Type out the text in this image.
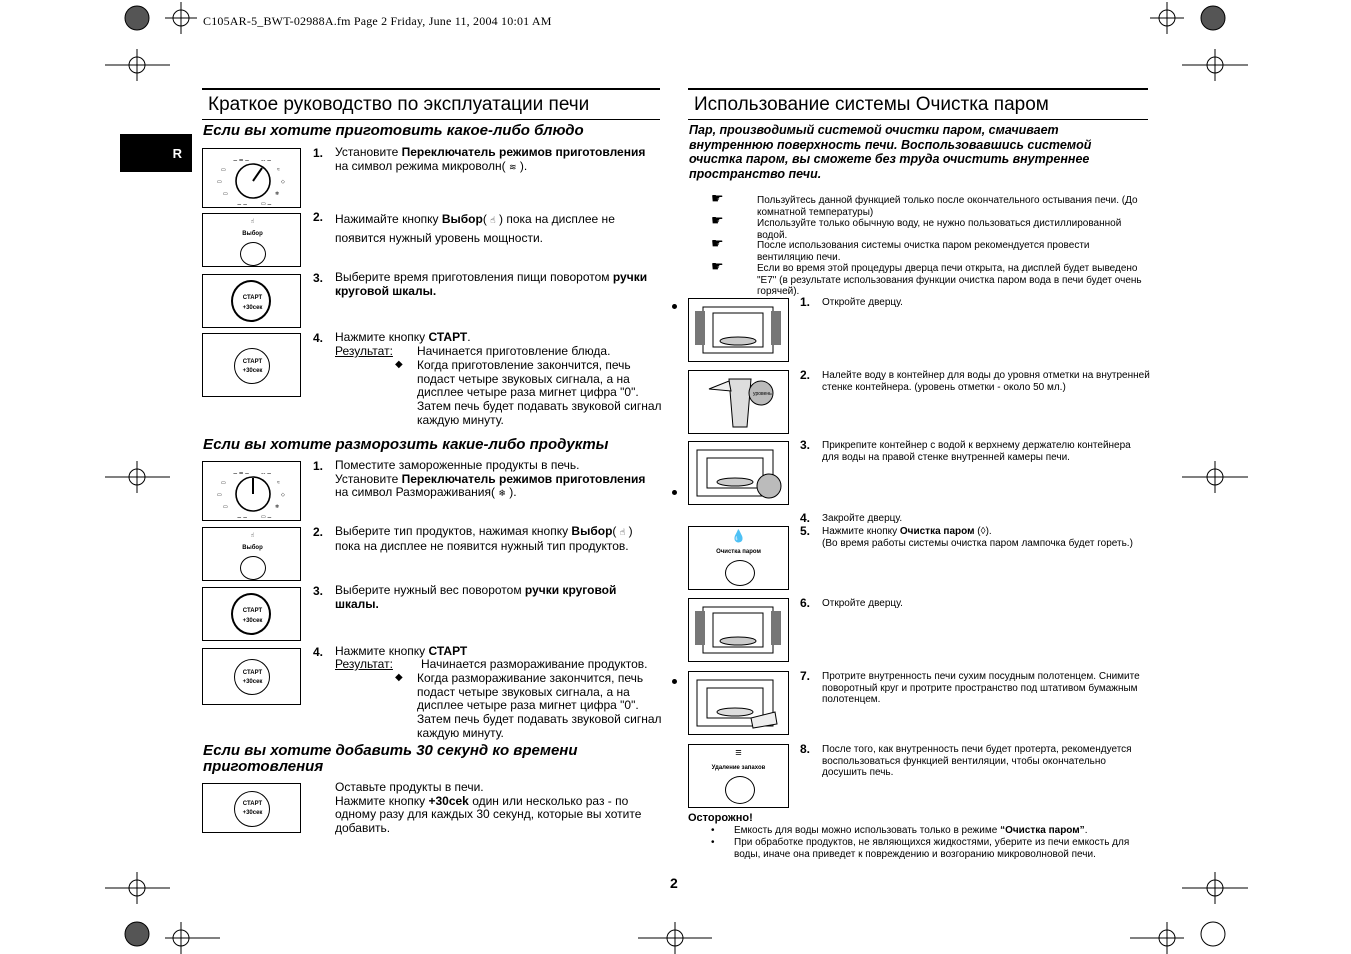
C105AR-5_BWT-02988A.fm Page 2 Friday, June 11, 2004 10:01 AM
R
Краткое руководство по эксплуатации печи
Если вы хотите приготовить какое-либо блюдо
⚊ ⚌ ⚊ ⚋ ⚊
▭	≈
▭	◇
▭	❄
⚊ ⚊	▭ ⚊
☝
Выбор
СТАРТ
+30сек
СТАРТ
+30сек
1. Установите Переключатель режимов приготовления
на символ режима микроволн( ≋ ).
2. Нажимайте кнопку Выбор( ☝ ) пока на дисплее не
появится нужный уровень мощности.
3. Выберите время приготовления пищи поворотом ручки
круговой шкалы.
4. Нажмите кнопку СТАРТ.
Результат: Начинается приготовление блюда.
◆ Когда приготовление закончится, печь подаст четыре звуковых сигнала, а на дисплее четыре раза мигнет цифра "0". Затем печь будет подавать звуковой сигнал каждую минуту.
Если вы хотите разморозить какие-либо продукты
⚊ ⚌ ⚊ ⚋ ⚊
▭	≈
▭	◇
▭	❄
⚊ ⚊	▭ ⚊
☝
Выбор
СТАРТ
+30сек
СТАРТ
+30сек
1. Поместите замороженные продукты в печь.
Установите Переключатель режимов приготовления
на символ Размораживания( ❄ ).
2. Выберите тип продуктов, нажимая кнопку Выбор( ☝ )
пока на дисплее не появится нужный тип продуктов.
3. Выберите нужный вес поворотом ручки круговой
шкалы.
4. Нажмите кнопку СТАРТ
Результат: Начинается размораживание продуктов.
◆ Когда размораживание закончится, печь подаст четыре звуковых сигнала, а на дисплее четыре раза мигнет цифра "0". Затем печь будет подавать звуковой сигнал каждую минуту.
Если вы хотите добавить 30 секунд ко времени приготовления
СТАРТ
+30сек
Оставьте продукты в печи.
Нажмите кнопку +30cek один или несколько раз - по одному разу для каждых 30 секунд, которые вы хотите добавить.
Использование системы Очистка паром
Пар, производимый системой очистки паром, смачивает внутреннюю поверхность печи. Воспользовавшись системой очистка паром, вы сможете без труда очистить внутреннее пространство печи.
☛	Пользуйтесь данной функцией только после окончательного остывания печи. (До комнатной температуры)
Используйте только обычную воду, не нужно пользоваться дистиллированной водой.
☛
☛	После использования системы очистка паром рекомендуется провести вентиляцию печи.
☛	Если во время этой процедуры дверца печи открыта, на дисплей будет выведено "E7" (в результате использования функции очистка паром вода в печи будет очень горячей).
уровень
💧
Очистка паром
≡
Удаление запахов
1. Откройте дверцу.
2. Налейте воду в контейнер для воды до уровня отметки на внутренней стенке контейнера. (уровень отметки - около 50 мл.)
3. Прикрепите контейнер с водой к верхнему держателю контейнера для воды на правой стенке внутренней камеры печи.
4. Закройте дверцу.
5. Нажмите кнопку Очистка паром (◊).
(Во время работы системы очистка паром лампочка будет гореть.)
6. Откройте дверцу.
7. Протрите внутренность печи сухим посудным полотенцем. Снимите поворотный круг и протрите пространство под штативом бумажным полотенцем.
8. После того, как внутренность печи будет протерта, рекомендуется воспользоваться функцией вентиляции, чтобы окончательно досушить печь.
Осторожно!
• Емкость для воды можно использовать только в режиме “Очистка паром”.
• При обработке продуктов, не являющихся жидкостями, уберите из печи емкость для воды, иначе она приведет к повреждению и возгоранию микроволновой печи.
2
